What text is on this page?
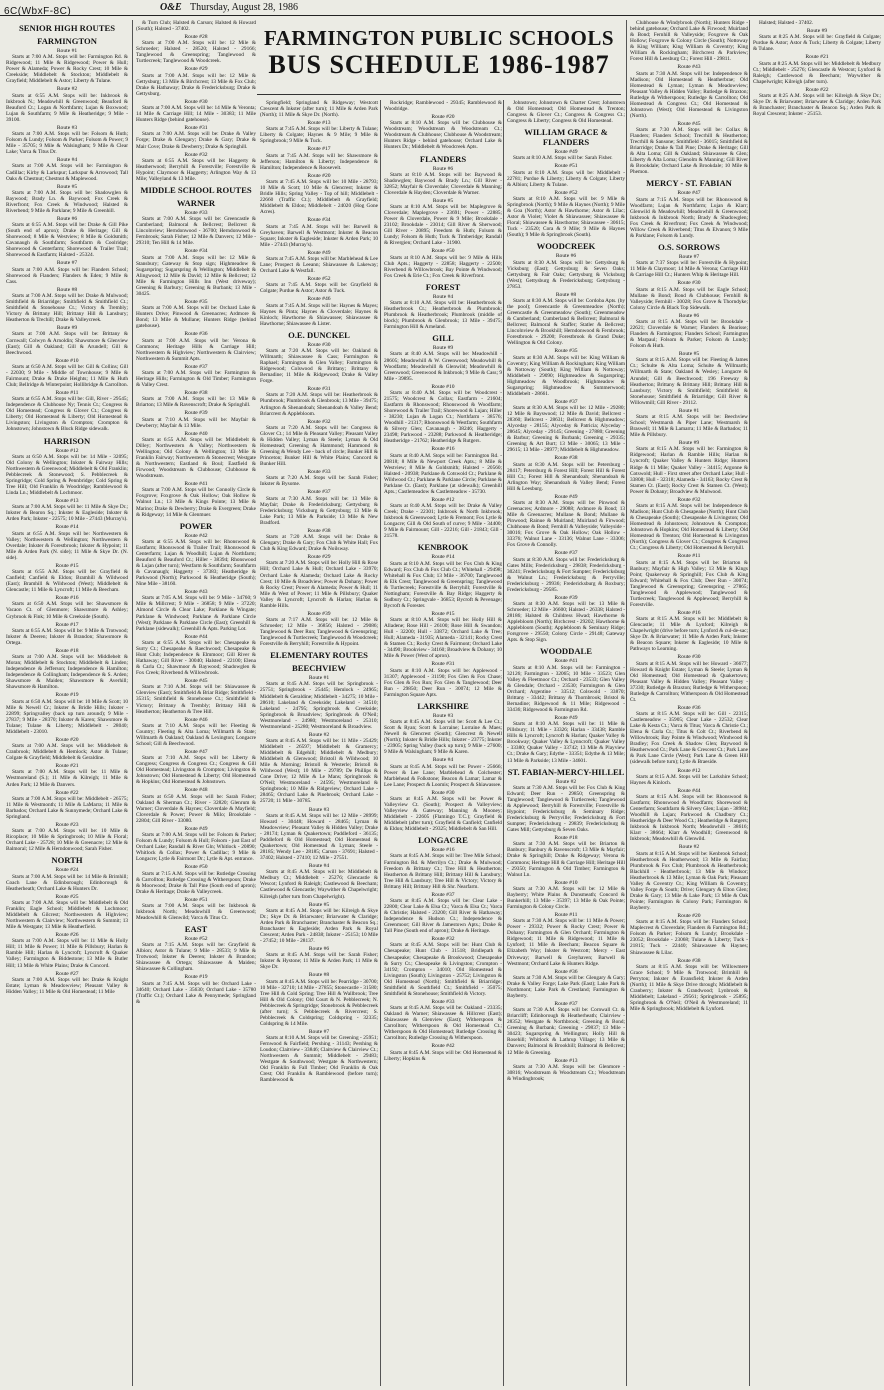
6C(WbxF-8C)	O&E Thursday, August 28, 1986
SENIOR HIGH ROUTES
FARMINGTON
Route #1
Starts at 7:00 A.M. Stops will be: Farmington Rd. & Ridgewood; 11 Mile & Ridgewood; Power & Hull; Power & Alameda; Power & Rocky Crest; 10 Mile & Creekside; Middlebelt & Stockton; Middlebelt & Grayfield; Middlebelt & Astor; Liberty & Tulane.
Route #2
Starts at 6:55 A.M. Stops will be: Inkbrook & Inkbrook N.; Meadowhill & Greenwood; Beauford & Beauford Ct.; Logan & Northfarm; Lujan & Boxwood; Lujan & Southfarm; 9 Mile & Heatheridge; 9 Mile - 39100.
Route #3
Starts at 7:00 A.M. Stops will be: Folsom & Huth; Folsom & Lundy; Folsom & Parker; Folsom & Power; 9 Mile - 35705; 9 Mile & Walsingham; 9 Mile & Clear Lake; Varca & Titus Dr.
Route #4
Starts at 7:00 A.M. Stops will be: Farmington & Cadillac; Kirby & Larkspur; Larkspur & Arrowood; Tall Oaks & Chestnut; Chestnut & Maplewood.
Route #5
Starts at 7:00 A.M. Stops will be: Shadowglen & Baywood; Brady Ln. & Baywood; Fox Creek & Riverfront; Fox Creek & Windwood; Halsted & Riverbend; 9 Mile & Parklane; 9 Mile & Greenhill.
Route #6
Starts at 6:55 A.M. Stops will be: Drake & Gill Pike (South end of apron); Drake & Heritage; Gill & Shorewood; 8 Mile & Westview; 8 Mile & Goldsmith; Cavanaugh & Southfarm; Southfarm & Coolridge; Shorewood & Centerfarm; Shorewood & Trailer Trail; Shorewood & Eastfarm; Halsted - 25324.
Route #7
Starts at 7:00 A.M. Stops will be: Flanders School; Shorewood & Flanders; Flanders & Eden; 9 Mile & Cass.
Route #8
Starts at 7:00 A.M. Stops will be: Drake & Mulwood; Smithfield & Briarridge; Smithfield & Smithfield Ct.; Smithfield & Stonehouse Ct.; Victory & Trembly; Victory & Brittany Hill; Brittany Hill & Lansbury; Heatherton & Trechill; Drake & Valleycreek.
Route #9
Starts at 7:00 A.M. Stops will be: Brittany & Cornwall; Colwyn & Arnoldin; Shawsmore & Glenview (East); Gill & Oakland; Gill & Arundell; Gill & Beechwood.
Route #10
Starts at 6:50 A.M. Stops will be: Gill & Collins; Gill - 22030; 9 Mile - Middle of Townhouse; 9 Mile & Fairmount; Drake & Drake Heights; 11 Mile & Huth Club; Bellridge & Winterpoint; Hollibridge & Carrollton.
Route #11
Starts at 6:55 A.M. Stops will be: Gill, River - 29545; Independence & Clubhouse Ny; Tennis Ct.; Congress & Old Homestead; Congress & Glover Ct.; Congress & Liberty; Old Homestead & Liberty; Old Homestead & Livingston; Livingston & Crompton; Crompton & Johnstown; Johnstown & Bluck Ridge sidewalk.
HARRISON
Route #12
Starts at 6:50 A.M. Stops will be: 14 Mile - 32095; Old Colony & Wellington; Inkster & Fairway Hills; Northwestern & Greenwood; Middlebelt & Old Franklin; Pebblecreek & Stonewood; S. Pebblecreek & Springridge; Cold Spring & Pennbridge; Cold Spring & Tree Hill; Old Franklin & Woodridge; Ramblewood & Linda Ln.; Middlebelt & Lochmoor.
Route #13
Starts at 7:00 A.M. Stops will be: 11 Mile & Skye Dr.; Inkster & Bearon Sq.; Inkster & Eagleside; Inkster & Arden Park; Inkster - 22575; 10 Mile - 27443 (Murray's).
Route #14
Starts at 6:55 A.M. Stops will be: Northwestern & Valley; Northwestern & Wellington; Northwestern & Overdale; Inkster & Forestbrook; Inkster & Hypoint; 11 Mile & Arden Park (N. side); 11 Mile & Skye Dr. (N. side).
Route #15
Starts at 6:55 A.M. Stops will be: Grayfield & Canfield; Canfield & Eldon; Bramhill & Wildwood (East); Bramhill & Wildwood (West); Middlebelt & Glencastle; 11 Mile & Lyncroft; 11 Mile & Beecham.
Route #16
Starts at 6:50 A.M. Stops will be: Shawsmore & Vacaon Ct. of Glenmore; Shawsmore & Ashley; Grybrook & Fink; 10 Mile & Creekside (South).
Route #17
Starts at 6:55 A.M. Stops will be: 9 Mile & Trotwood; Inkster & Deeren; Inkster & Brandon; Shawsmore & Ortega.
Route #18
Starts at 7:00 A.M. Stops will be: Middlebelt & Moran; Middlebelt & Stockton; Middlebelt & Linden; Independence & Jefferson; Independence & Hamilton; Independence & Collingham; Independence & S. Arden; Shawsmore & Maiden; Shawsmore & Averhill; Shawsmore & Hamilton.
Route #19
Starts at 6:50 A.M. Stops will be: 10 Mile & Scott; 10 Mile & Newell Cr.; Inkster & Bridle Hills; Inkster - 22899; Springvalley (back up turn around); 9 Mile - 27837; 9 Mile - 28370; Inkster & Karen; Shawsmore & Tulane; Tulane & Liberty; Middlebelt - 28040; Middlebelt - 23010.
Route #20
Starts at 7:00 A.M. Stops will be: Middlebelt & Cranbrook; Middlebelt & Hemlock; Astor & Tulane; Colgate & Grayfield; Middlebelt & Geraldine.
Route #21
Starts at 7:00 A.M. Stops will be: 11 Mile & Westmoreland (S.); 11 Mile & Kilreigh; 11 Mile & Arden Park; 12 Mile & Danvers.
Route #22
Starts at 7:00 A.M. Stops will be: Middlebelt - 26575; 11 Mile & Westmonth; 11 Mile & LaMarra; 11 Mile & Barbados; Orchard Lake & Sunnymede; Orchard Lake & Springland.
Route #23
Starts at 7:00 A.M. Stops will be: 10 Mile & Ricoplace; 10 Mile & Springbrook; 10 Mile & Floral; Orchard Lake - 25728; 10 Mile & Greenacre; 12 Mile & Balmoral; 12 Mile & Herndonwood; Sarah Fisher.
NORTH
Route #24
Starts at 7:00 A.M. Stops will be: 14 Mile & Brimhill; Coach Lane & Edinborough; Edinborough & Heatherheath; Orchard Lake & Hunters Dr.
Route #25
Starts at 7:00 A.M. Stops will be: Middlebelt & Old Franklin; Eagle School; Middlebelt & Lochmoor; Middlebelt & Gilcrest; Northwestern & Highview; Northwestern & Clairview; Northwestern & Summit; 13 Mile & Westgate; 13 Mile & Heatherfield.
Route #26
Starts at 7:00 A.M. Stops will be: 11 Mile & Holly Hill; 11 Mile & Power; 11 Mile & Pillsbury; Harlan & Ramble Hill; Harlan & Lyncroft; Lyncroft & Quaker Valley; Farmington & Biddestone; 13 Mile & Butler Hill; 13 Mile & White Plains; Drake & Concord.
Route #27
Starts at 7:00 A.M. Stops will be: Drake & Knight Estate; Lyman & Meadowview; Pleasant Valley & Hidden Valley; 11 Mile & Old Homestead; 11 Mile
& Turn Club; Halsted & Carson; Halsted & Howard (South); Halsted - 37402.
Route #28
Starts at 7:00 A.M. Stops will be: 12 Mile & Schroeder; Halsted - 28520; Halsted - 29166; Tanglewood & Greenspring; Tanglewood & Turtlecreek; Tanglewood & Woodcreek.
Route #29
Starts at 7:00 A.M. Stops will be: 12 Mile & Gettysburg; 13 Mile & Birchcrest; 13 Mile & Fox Club; Drake & Hathaway; Drake & Fredericksburg; Drake & Gettysburg.
Route #30
Starts at 7:00 A.M. Stops will be: 14 Mile & Veronta; 14 Mile & Carriage Hill; 14 Mile - 30383; 11 Mile Hunters Ridge (behind gatehouse).
Route #31
Starts at 7:00 A.M. Stops will be: Drake & Valley Forge; Drake & Glengary; Drake & Gary; Drake & Mair Cove; Drake & Dewberry; Drake & Springhill.
Route #32
Starts at 6:55 A.M. Stops will be: Haggerty & Heatherwood; Berryhill & Forestville; Forestville & Hypoint; Claymoor & Haggerty; Arlington Way & 13 Mile; Valleyland & 13 Mile.
MIDDLE SCHOOL ROUTES
WARNER
Route #33
Starts at 7:00 A.M. Stops will be: Greencastle & Cumberland; Balmoral & Bellcrest; Bellcrest & Lincolnview; Herndonwood - 36700; Herndonwood & Fernbrook; Sarah Fisher; 12 Mile & Danvers; 12 Mile - 29310; Ten Hill & 14 Mile.
Route #34
Starts at 7:00 A.M. Stops will be: 12 Mile & Stansbury; Gateway & Stop sign; Highmeadow & Sugarspring; Sugarspring & Wellington; Middlebelt & Alingwood; 12 Mile & David; 12 Mile & Bellcrest; 12 Mile & Farmington Hills Inn (West driveway); Greening & Barbury; Greening & Burbank; 13 Mile - 30425.
Route #35
Starts at 7:00 A.M. Stops will be: Orchard Lake & Hunters Drive; Pinwood & Greenacres; Ardmore & Bond; 13 Mile & Mullane; Hunters Ridge (behind gatehouse).
Route #36
Starts at 7:00 A.M. Stops will be: Verona & Commons; Heritage Hills & Carriage Hill; Northwestern & Highview; Northwestern & Clairview; Northwestern & Summit Apts.
Route #37
Starts at 7:00 A.M. Stops will be: Farmington & Heritage Hills; Farmington & Old Timber; Farmington & Valley Crest.
Route #38
Starts at 7:00 A.M. Stops will be: 13 Mile & Briarton; 13 Mile & Ravenscroft; Drake & Springhill.
Route #39
Starts at 7:10 A.M. Stops will be: Mayfair & Dewberry; Mayfair & 13 Mile.
Route #40
Starts at 6:55 A.M. Stops will be: Middlebelt & Dilley; Northwestern & Valley; Northwestern & Wellington; Old Colony & Wellington; 13 Mile & Franklin Fairway; Northwestern & Stonecrest; Westgate & Northwestern; Eastland & Boul; Eastfield & Firwood; Woodstream & Clubhouse; Clubhouse & Woodstream.
Route #41
Starts at 7:00 A.M. Stops will be: Connolly Circle & Foxgrove; Foxgrove & Oak Hollow; Oak Hollow & Walnut Ln.; 13 Mile & Kings Pointe; 13 Mile & Marino; Drake & Dewberry; Drake & Evergreen; Drake & Ridgeway; 14 Mile & Glenmuer.
POWER
Route #42
Starts at 6:55 A.M. Stops will be: Rhonswood & Eastfarm; Rhonswood & Trailer Trail; Rhonswood & Centerfarm; Lujan & Woodhill; Lujan & Northfarm; Beauford & Beauford Ct.; Hiller - 38394; Rhonswood & Lujan (after turn); Westfarm & Southfarm; Southfarm & Cavanaugh; Haggerty - 37383; Heatheridge & Parkwood (North); Parkwood & Heatheridge (South); Nine Mile - 38160.
Route #43
Starts at 7:05 A.M. Stops will be: 9 Mile - 34760; 9 Mile & Millcrest; 9 Mile - 36858; 9 Mile - 37220; Almond Circle & Clear Lake; Parklane & Wingate; Parklane & Windwood; Parklane & Parklane Circle (West); Parklane & Parklane Circle (East); Greenhill & Parklane (sidewalk); Greenhill & Apts. Parking Lot.
Route #44
Starts at 6:55 A.M. Stops will be: Chesapeake & Surry Ct.; Chesapeake & Raechwood; Chesapeake & Hunt Club; Independence & Elmmoor; Gill River & Hathaway; Gill River - 30040; Halsted - 22100; Elena & Carla Ct.; Shawmoor & Baywood; Shadowglen & Fox Creek; Riverbend & Willowbrook.
Route #45
Starts at 7:10 A.M. Stops will be: Shiawassee & Glenview (East); Smithfield & Briar Ridge; Smithfield - 35315; Smithfield & Stonehouse Ct.; Smithfield & Victory; Brittany & Trembly; Brittany Hill & Heatherton; Heatherton & Tree Hill.
Route #46
Starts at 7:10 A.M. Stops will be: Fleeting & Country; Fleeting & Alta Loma; Willmarth & State; Willmarth & Oakland; Oakland & Lexington; Longacre School; Gill & Beechwood.
Route #47
Starts at 7:10 A.M. Stops will be: Liberty & Congress; Congress & Congress Ct.; Congress & Gill Old Homestead; Livingston & Crompton; Livingston & Johnstown; Old Homestead & Liberty; Old Homestead & Hopkins; Old Homestead & Johnstown.
Route #48
Starts at 6:50 A.M. Stops will be: Sarah Fisher; Oakland & Sherman Ct.; River - 32820; Glenrum & Warner; Cloverdale & Haynes; Cloverdale & Mayfield; Cloverdale & Power; Power & Milo; Brookdale - 22804; Gill River - 33080.
Route #49
Starts at 7:00 A.M. Stops will be: Folsom & Parker; Folsom & Lundy; Folsom & Hull; Folsom - just East of Orchard Lake; Randall & River Gln; Whitlock - 20890; Whitlock & Collax; Power & Cadillac; 9 Mile & Longacre; Lytle & Fairmont Dr.; Lytle & Apt. entrance.
Route #50
Starts at 7:15 A.M. Stops will be: Rutledge Crossing & Carrollton; Rutledge Crossing & Witherspoon; Drake & Moorwood; Drake & Tall Pine (South end of apron); Drake & Heritage; Drake & Valleycreek.
Route #51
Starts at 7:00 A.M. Stops will be: Inkbrook & Inkbrook North; Meadowhill & Greenwood; Meadowhill & Glenwild; Varca & Titus Ct.
EAST
Route #52
Starts at 7:15 A.M. Stops will be: Grayfield & Albion; Astor & Tulane; 9 Mile - 28533; 9 Mile & Trotwood; Inkster & Deeren; Inkster & Brandon; Shiawassee & Ortega; Shiawassee & Maiden; Shiawassee & Collingham.
Route #19
Starts at 7:45 A.M. Stops will be: Orchard Lake - 34640; Orchard Lake - 35630; Orchard Lake - 35780 (Traffic Ct.); Orchard Lake & Pennymede; Springland &
FARMINGTON PUBLIC SCHOOLS
BUS SCHEDULE 1986-1987
Springfield; Springland & Ridgeway; Westcott Crescent & Inkster (after turn); 11 Mile & Arden Park (North); 11 Mile & Skye Dr. (North).
Route #13
Starts at 7:45 A.M. Stops will be: Liberty & Tulane; Liberty & Colgate; Haynes & 9 Mile; 9 Mile & Springbrook; 9 Mile & Tuck.
Route #17
Starts at 7:45 A.M. Stops will be: Shawsmore & Jefferson; Hamilton & Liberty; Independence & Hamilton; Independence & Roosevelt.
Route #20
Starts at 7:45 A.M. Stops will be: 10 Mile - 28793; 10 Mile & Scott; 10 Mile & Glencrest; Inkster & Bridle Hills; Spring Valley - Top of hill; Middlebelt - 22660 (Traffic Ct.); Middlebelt & Grayfield; Middlebelt & Eldon; Middlebelt - 24020 (Hog Gone Acres).
Route #34
Starts at 7:45 A.M. Stops will be: Barwell & Greyhaven; Barwell & Westmont; Inkster & Beacon Square; Inkster & Eagleside; Inkster & Arden Park; 10 Mile - 27443 (Murray's).
Route #49
Starts at 7:45 A.M. Stops will be: Marblehead & Lee Lane; Prospect & Leeann; Shiawassee & Lakeway; Orchard Lake & Westfall.
Route #52
Starts at 7:45 A.M. Stops will be: Grayfield & Colgate; Purdue & Astor; Astor & Tuck.
Route #46
Starts at 7:45 A.M. Stops will be: Haynes & Mayes; Haynes & Pinta; Haynes & Cloverdale; Haynes & Kinloch; Hawthorne & Shiawassee; Shiawassee & Hawthorne; Shiawassee & Lister.
O.E. DUNCKEL
Route #30
Starts at 7:20 A.M. Stops will be: Oakland & Willmarth; Shiawassee & Cass; Farmington & Raphael; Farmington & Glen Valley; Farmington & Ridgewood; Colswood & Brittany; Brittany & Bernadine; 11 Mile & Ridgewood; Drake & Valley Forge.
Route #31
Starts at 7:20 A.M. Stops will be: Heatherbrook & Plumbrook; Plumbrook & Glenbrook; 13 Mile - 39475; Arlington & Shenandoah; Shenandoah & Valley Bend; Briarcrest & Applebloom.
Route #32
Starts at 7:20 A.M. Stops will be: Congress & Glover Ct.; 14 Mile & Pleasant Valley; Pleasant Valley & Hidden Valley; Lyman & Steele; Lyman & Old Homestead; Greening & Hammond; Hammond & Greening & Wendy Lee - back of circle; Bunker Hill & Princeton; Bunker Hill & White Plains; Concord & Bunker Hill.
Route #33
Starts at 7:20 A.M. Stops will be: Sarah Fisher; Inkster & Bysome.
Route #37
Starts at 7:30 A.M. Stops will be: 13 Mile & Mayfair; Drake & Fredericksburg; Gettysburg & Fredericksburg; Vicksburg & Gettysburg; 13 Mile & Lake Park; 13 Mile & Parkside; 13 Mile & New Bradford.
Route #38
Starts at 7:20 A.M. Stops will be: Drake & Glengary; Drake & Gary; Fox Club & White Hall; Fox Club & King Edward; Drake & Noilsway.
Route #29
Starts at 7:20 A.M. Stops will be: Holly Hill & Rose Hill; Orchard Lake & Hull; Orchard Lake - 33970; Orchard Lake & Alameda; Orchard Lake & Rocky Crest; 10 Mile & Broadview; Power & Dohany; Power & Rocky Crest; Power & Alameda; Power & Hull; 11 Mile & West of Power; 11 Mile & Pillsbury; Quaker Valley & Lyncroft; Lyncroft & Harlan; Harlan & Ramble Hills.
Route #39
Starts at 7:17 A.M. Stops will be: 12 Mile & Schroeder; 12 Mile - 36856; Halsted - 29086; Tanglewood & Deer Run; Tanglewood & Greenspring; Tanglewood & Turtlecreek; Tanglewood & Woodcreek; Forestville & Berryhill; Forestville & Hypoint.
ELEMENTARY ROUTES
BEECHVIEW
Route #1
Starts at 8:45 A.M. Stops will be: Springbrook - 25751; Springbrook - 25445; Hemlock - 24965; Middlebelt & Geraldine; Middlebelt - 34275; 10 Mile - 28610; Lakeland & Creekside; Lakeland - 34510; Lakeland - 24795; Springbrook & Creekside; Springbrook & Broadview; Springbrook & O'Neil; Westmoreland - 24980; Westmoreland - 25310; Westmoreland - 25280; Westmoreland & Broadview.
Route #2
Starts at 8:45 A.M. Stops will be: 11 Mile - 25429; Middlebelt - 26597; Middlebelt & Gramercy; Middlebelt & Edgehill; Middlebelt & Medbury; Middlebelt & Glenwood; Bristoll & Wildwood; 10 Mile & Morning; Bristoll & Westerle; Bristoll & Wildwood (West); 10 Mile - 29789; De Phillips & Cone Drive; 12 Mile & Le Mans; Springbrook & O'Neil; Westmoreland - 24595; Westmoreland & Springbrook; 10 Mile & Ridgeview; Orchard Lake - 28465; Orchard Lake & Pinebrook; Orchard Lake - 25720; 11 Mile - 30785.
Route #3
Starts at 8:45 A.M. Stops will be: 12 Mile - 28999; Howard - 30448; Howard - 28465; Lyman & Meadowview; Pleasant Valley & Hidden Valley; Drake - 28174; Lyman & Quakertown; Paddleford - 36135; Paddleford & Old Homestead; Old Homestead & Quakertown; Old Homestead & Lyman; Steele - 28185; Wendy Lee - 28185; Carson - 37691; Halsted - 37402; Halsted - 27410; 12 Mile - 27551.
Route #4
Starts at 8:45 A.M. Stops will be: Middlebelt & Medbury Ct.; Middlebelt - 25276; Glencastle & Wescot; Lynford & Raleigh; Castlewood & Beecham; Castlewood & Glencastle; Waywither & Chapelwright; Kilreigh (after turn from Chapelwright).
Route #5
Starts at 8:45 A.M. Stops will be: Kilreigh & Skye Dr.; Skye Dr. & Briarwater; Briarwater & Claridge; Arden Park & Branchaster; Branchaster & Beacon Sq.; Branchaster & Eagleside; Arden Park & Royal Crescent; Arden Park - 24838; Inkster - 25153; 10 Mile - 27452; 10 Mile - 28137.
Route #6
Starts at 8:45 A.M. Stops will be: Sarah Fisher; Inkster & Hystone; 11 Mile & Arden Park; 11 Mile & Skye Dr.
Route #8
Starts at 8:45 A.M. Stops will be: Pearridge - 30700; 10 Mile - 32710; 14 Mile - 27855; Stonecastle - 31580; Tree Hill & Cold Spring; Tree Hill & Wallbrook; Tree Hill & Old Colony; Old Court & N. Pebblecreek; N. Pebblecreek & Springridge; Stonebrook & Pebblecreek (after turn); S. Pebblecreek & Rivercrest; S. Pebblecreek & Coldspring; Coldspring - 32335; Coldspring & 14 Mile.
Route #7
Starts at 8:10 A.M. Stops will be: Greening - 25951; Fernwood & Fairfield; Pershing - 31143; Pershing & Loudon; Claitview - 33846; Claitview & Clairview Ct.; Northwestern & Summit; Middlebelt - 29483; Westgate & Southwood; Westgate & Northwestern; Old Franklin & Fall Timber; Old Franklin & Oak Crest; Old Franklin & Ramblewood (before turn); Ramblewood &
Rockridge; Ramblewood - 29345; Ramblewood & Woodridge.
Route #20
Starts at 8:10 A.M. Stops will be: Clubhouse & Woodstream; Woodstream & Woodstream Ct.; Woodstream & Clubhouse; Clubhouse & Woodstream; Hunters Ridge - behind gatehouse; Orchard Lake & Hunters Dr.; Middlebelt & Woodcreek Apts.
FLANDERS
Route #6
Starts at 8:10 A.M. Stops will be: Baywood & Shadowglen; Baywood & Brady Ln.; Gill River - 32852; Mayfair & Cloverdale; Cloverdale & Manning; Cloverdale & Hayden; Cloverdale & Warner.
Route #5
Starts at 8:10 A.M. Stops will be: Maplegrove & Cloverdale; Maplegrove - 23691; Power - 22885; Power & Cloverdale, Power & 9 Mile; Brookdale - 23102; Brookdale - 23014; Gill River & Sherwood; Gill River - 20895; Freedom & Huth; Folsom & Lundy; Folsom & Huth; Tuck & Timberidge; Randall & Rivergien; Orchard Lake - 31900.
Route #50
Starts at 8:10 A.M. Stops will be: 9 Mile & Hills Club Apts.; Haggerty - 22858; Haggerty - 22500; Riverbend & Willowbrook; Bay Pointe & Windwood; Fox Creek & Erie Ct.; Fox Creek & Riverfront.
FOREST
Route #4
Starts at 8:10 A.M. Stops will be: Heatherbrook & Heatherbrook Ct.; Heatherbrook & Plumbrook; Plumbrook & Heatherbrook; Plumbrook (middle of block); Plumbrook & Glenbrook; 13 Mile - 39475; Farmington Hill & Arneland.
GILL
Route #9
Starts at 8:40 A.M. Stops will be: Meadowhill - 28605; Meadowhill & W. Greenwood; Meadowhill & Woodfarm; Meadowhill & Glenwild; Meadowhill & Greenwood; Greenwood & Inkbrook; 9 Mile & Cass; 9 Mile - 39895.
Route #10
Starts at 8:40 A.M. Stops will be: Woodcrest - 21575; Woodcrest & Collax; Eastfarm - 21604; Eastfarm & Rhonswood; Rhonswood & Woodfarm; Shorewood & Trailer Trail; Shorewood & Lujan; Hiller - 38230; Lujan & Logan Ct.; Northfarm - 38576; Woodhill - 21317; Rhonswood & Westfarm; Southfarm & Silvery Glen; Cavanaugh - 38246; Haggerty - 23498; Parkwood - 23288; Parkwood & Heatheridge; Heatheridge - 21762; Heatheridge & Rutgers.
Route #16
Starts at 8:40 A.M. Stops will be: Farmington Rd. - 20818; 8 Mile & Newport Creek Apts.; 8 Mile & Westview; 8 Mile & Goldsmith; Halsted - 20560; Halsted - 20938; Parklane & Cotswold Ct.; Parklane & Wildwood Ct.; Parklane & Parklane Circle; Parklane & Parklane Ct. (East); Parklane (at sidewalk); Greenhill Apts.; Castlemeadow & Castlemeadow - 35730.
Route #12
Starts at 8:40 A.M. Stops will be: Drake & Valley Creek; Drake - 22301; Inkbrook & North Inkbrook; Inkbrook & Greenwood; Lytle & Fremont; Fox Lytle & Longacre; Gill & Old South of curve; 9 Mile - 34400; 9 Mile & Fairmount; Gill - 22216; Gill - 21843; Gill - 21578.
KENBROOK
Route #14
Starts at 8:10 A.M. Stops will be: Fox Club & King Edward; Fox Club & Fox Club Ct.; Whitehall - 29498; Whitehall & Fox Club; 13 Mile - 36700; Tanglewood & Elk Crest; Tanglewood & Greenspring; Tanglewood & Turtlecreek; Forestville & Berryhill; Forestville & Nottingham; Forestville & Bay Ridge; Haggerty & Sudbury Ct.; Springvale - 36853; Bycroft & Pevenage; Bycroft & Forester.
Route #15
Starts at 8:10 A.M. Stops will be: Holly Hill & Alladene; Rose Hill - 26100; Rose Hill & Swandon; Hull - 32200; Hull - 33872; Orchard Lake & Tree; Hull; Alameda - 31935; Alameda - 32141; Rocky Crest & Stamen Ct.; Rocky Crest & Fairmont; Orchard Lake - 34490; Brookview - 34160; Broadview & Dohany; 10 Mile & Power (West of apron).
Route #31
Starts at 8:10 A.M. Stops will be: Applewood - 31307; Applewood - 31190; Fox Glen & Fox Chase; Fox Glen & Fox Run; Fox Glen & Tanglewood; Deer Run - 29850; Deer Run - 30074; 12 Mile & Farmington Square Apts.
LARKSHIRE
Route #3
Starts at 8:45 A.M. Stops will be: Scott & Lee Ct.; Scott & Ryan; Scott & Lorraine; Lorraine & Maes; Newell & Glencrest (South); Glencrest & Newell (North); Inkster & Bridle Hills; Inkster - 23775; Inkster - 23905; Spring Valley (back up turn); 9 Mile - 27600; 9 Mile & Walsingham; 9 Mile & Karen.
Route #4
Starts at 8:45 A.M. Stops will be: Power - 25666; Power & Lee Lane; Marblehead & Colchester; Marblehead & Folkstone; Beacon & Lamar; Lamar & Lee Lane; Prospect & Loomis; Prospect & Shiawassee.
Route #30
Starts at 8:45 A.M. Stops will be: Power & Valleyview Ct. (South); Prospect & Valleyview; Valleyview & Gateway; Manning & Mooney; Middlebelt - 22605 (Flamingo T.C.); Grayfield & Middlebelt (after turn); Grayfield & Canfield; Canfield & Eldon; Middlebelt - 29325; Middlebelt & San Hill.
LONGACRE
Route #16
Starts at 8:45 A.M. Stops will be: Tree Mile School; Farmington Rd. & Merrilyn Ct.; Drake & Mulwood; Freedom & Brittany Ct.; Tree Hill & Heatherton; Heatherton & Brittany Hill; Brittany Hill & Lansbury; Tree Hill & Lansbury; Tree Hill & Victory; Victory & Brittany Hill; Brittany Hill & Shr. Nearfarm.
Route #37
Starts at 8:45 A.M. Stops will be: Clear Lake - 22800; Clear Lake & Elsa Ct.; Varca & Elsa Ct.; Varca & Christie; Halsted - 23200; Gill River & Hathaway; Independence & Hudson Ct.; Independence & Greenmoor; Gill River & Jamestown Apts.; Drake & Tall Pine (South end of apron); Drake & Heritage.
Route #32
Starts at 8:45 A.M. Stops will be: Hunt Club & Chesapeake; Hunt Club - 31518; Bridlepath & Chesapeake; Chesapeake & Brookwood; Chesapeake & Surry Ct.; Chesapeake & Livingston; Crompton - 34192; Crompton - 34010; Old Homestead & Livingston (South); Livingston - 25752; Livingston & Old Homestead (North); Smithfield & Briarridge; Smithfield & Southfield Ct.; Smithfield - 35075; Smithfield & Stonehouse; Smithfield & Victory.
Route #33
Starts at 8:45 A.M. Stops will be: Oakland - 23335; Oakland & Warner; Shiawassee & Hillcrest (East); Shiawassee & Glenview (East); Witherspoon & Carrollton; Witherspoon & Old Homestead Ct.; Witherspoon & Old Homestead; Rutledge Crossing & Carrollton; Rutledge Crossing & Witherspoon.
Route #42
Starts at 8:45 A.M. Stops will be: Old Homestead & Liberty; Hopkins &
Johnstown; Johnstown & Charter Crest; Johnstown & Old Homestead; Old Homestead & Trenton; Congress & Glover Ct.; Congress & Congress Ct.; Congress & Liberty; Congress & Old Homestead.
WILLIAM GRACE & FLANDERS
Route #49
Starts at 8:10 A.M. Stops will be: Sarah Fisher.
Route #51
Starts at 8:10 A.M. Stops will be: Middlebelt - 22781; Purdue & Liberty; Liberty & Colgate; Liberty & Albion; Liberty & Tulane.
Route #52
Starts at 8:10 A.M. Stops will be: 9 Mile & Springbrook (North); 9 Mile & Haynes (North); 9 Mile & Goa (North); Astor & Hawthorne; Astor & Lilac; Astor & Violet; Violet & Shiawassee; Shiawassee & Floral; Shiawassee & Hawthorne; Shiawassee - 30615; Tuck - 23520; Cora & 9 Mile; 9 Mile & Haynes (South); 9 Mile & Springbrook (South).
WOODCREEK
Route #6
Starts at 8:30 A.M. Stops will be: Gettysburg & Vicksburg (East); Gettysburg & Seven Oaks; Gettysburg & Fair Oaks; Gettysburg & Vicksburg (West); Gettysburg & Fredericksburg; Gettysburg - 27853.
Route #8
Starts at 8:30 A.M. Stops will be: Cordoba Apts. (by the pool); Greencastle & Greenmeadow (North); Greencastle & Greenmeadow (South); Greenmeadow & Cumberland; Cumberland & Bellcrest; Balmoral & Bellcrest; Balmoral & Staffer; Statler & Bellcrest; Lincolnview & Brookhill; Herndonwood & Fernbrook; Forestbrook - 29200; Forestbrook & Grand Duke; Wellington & Old Colony.
Route #35
Starts at 8:30 A.M. Stops will be: King William & Coventry; King William & Rockingham; King William & Nottoway (South); King William & Nottoway; Middlebelt - 29090; Highmeadow & Sugarspring; Highmeadow & Woodbrook; Highmeadow & Sugarspring; Highmeadow & Summerwood; Middlebelt - 28661.
Route #37
Starts at 8:30 A.M. Stops will be: 12 Mile - 29280; 12 Mile & Bayswood; 12 Mile & David; Bellcrest - 28360; Bellcrest - 28631; Bellcrest & Highmeadow; Alyceday - 28155; Alyceday & Patricia; Alyceday - 28645; Alyceday - 29145; Greening - 27880; Greening & Barbur; Greening & Burbank; Greening - 29335; Greening & Art Burt; 13 Mile - 30065; 13 Mile - 29615; 13 Mile - 28977; Middlebelt & Highmeadow.
Route #38
Starts at 8:30 A.M. Stops will be: Petersburg - 28417; Petersburg & Forest Hill; Forest Hill & Forest Hill Ct.; Forest Hill & Shenandoah; Shenandoah & Arlington Way; Shenandoah & Valley Bend; Forest Hill & Leesburg.
Route #49
Starts at 8:30 A.M. Stops will be: Pinwood & Greenacres; Ardmore - 29088; Ardmore & Bond; 13 Mile & Greenacres; Mullane & Bond; Mullane & Pinwood; Rainue & Muirland; Muirland & Firwood; Clubhouse & Bond; Fernhill & Valleyside; Valleyside - 30016; Fox Grove & Oak Hollow; Oak Hollow - 33376; Walnut Lane - 33136; Walnut Lane - 33306; Fox Grove & Connolly.
Route #37
Starts at 8:30 A.M. Stops will be: Fredericksburg & Gates Mills; Fredericksburg - 29838; Fredericksburg - 30241; Fredericksburg & Fort Sumpter; Fredericksburg & Walnut Ln.; Fredericksburg & Perryville; Fredericksburg - 29936; Fredericksburg & Roxbury; Fredericksburg - 29585.
Route #39
Starts at 8:30 A.M. Stops will be: 13 Mile & Schroeder; 12 Mile - 36600; Halsted - 26338; Halsted - 28186; Halsted & Childress Hwad; Hawthorne & Applebloom (North); Birchcrest - 29202; Hawthorne & Applebloom (South); Applebloom & Seminary Ridge; Forsgrove - 29550; Colony Circle - 29148; Gateway Apts. & Stop Sign.
WOODDALE
Route #41
Starts at 8:10 A.M. Stops will be: Farmington - 32126; Farmington - 32065; 10 Mile - 33523; Glen Valley & Fleetmoor Ct.; Orchard - 23533; Glen Valley & Glendale; Orchard - 23530; Farmington & Glen Orchard; Argentine - 33512; Colswold - 33870; Brittany - 33442; Brittany & Thornbrook; Bristol & Bernadine; Ridgewood & 11 Mile; Ridgewood - 33436; Ridgewood & Farmington Rd.
Route #49
Starts at 8:10 A.M. Stops will be: 11 Mile & Pillsbury; 11 Mile - 33326; Harlan - 33438; Ramble Hills & Lyncroft; Lyncroft & Harlan; Quaker Valley & Brookway; Quaker Valley & Lynncroft; Quaker Valley - 33380; Quaker Valley - 33742; 13 Mile & Playview Ct.; Drake & Gary; Edythe - 33351; Edythe & 13 Mile; 13 Mile & Parkside; 13 Mile - 34601.
ST. FABIAN-MERCY-HILLEL
Route #2
Starts at 7:30 A.M. Stops will be: Fox Club & King Edward; Deer Run - 29850; Greenspring & Tanglewood; Tanglewood & Turtlecreek; Tanglewood & Applewood; Berryhill & Forestville; Forestville & Hypoint; Fredericksburg & Seminary Ridge; Fredericksburg & Perryville; Fredericksburg & Fort Sumpter; Fredericksburg - 29839; Fredericksburg & Gates Mill; Gettysburg & Seven Oaks.
Route #18
Starts at 7:30 A.M. Stops will be: Briarton & Banbury; Banbury & Ravenscroft; 13 Mile & Mayfair; Drake & Springhill; Drake & Ridgeway; Verona & Commons; Heritage Hill & Carriage Hill; Heritage Hill - 29350; Farmington & Old Timber; Farmington & Walnut Ln.
Route #10
Starts at 7:30 A.M. Stops will be: 12 Mile & Bayberry; White Plains & Dunsmeath; Concord & Bunkerhill; 13 Mile - 35397; 13 Mile & Oak Pointe; Farmington & Colony Circle.
Route #11
Starts at 7:30 A.M. Stops will be: 11 Mile & Power; Power - 29332; Power & Rocky Crest; Power & Dohany; Farmington & Glen Orchard; Farmington & Ridgewood; 11 Mile & Ridgewood; 11 Mile & Lynford; 11 Mile & Beecham; Beacon Square & Elizabeth Way; Inkster & Westcott; Mercy - East Driveway; Barwell & Greyhaven; Barwell & Westmont; Orchard Lake & Hunters Ridge.
Route #36
Starts at 7:30 A.M. Stops will be: Glengary & Gary; Drake & Valley Forge; Lake Park (East); Lake Park & Northmont; Lake Park & Crestland; Farmington & Bayberry.
Route #37
Starts at 7:30 A.M. Stops will be: Cornwall Ct. & Briarcliff; Edinborough & Heatherheath; Clairview - 28352; Westgate & Northbrook; Greening & Bond; Greening & Burbank; Greening - 29837; 13 Mile - 30423; Sugarspring & Wellington; Holly Hill & Rosehill; Whitlock & Lathrup Village; 13 Mile & Danvers; Balmoral & Brookhill; Balmoral & Bellcrest; 12 Mile & Greening.
Route #13
Starts at 7:30 A.M. Stops will be: Glenmore - 30816; Woodstream & Woodstream Ct.; Woodstream & Windingbrook;
Clubhouse & Windybrook (North); Hunters Ridge - behind gatehouse; Orchard Lake & Firwood; Muirland & Bond; Fernhill & Valleyside; Foxgrove & Oak Hollow; Foxgrove & Colony Circle (South); Nottoway & King William; King William & Coventry; King William & Rockingham; Birchcrest & Parkview; Forest Hill & Leesburg Ct.; Forest Hill - 29811.
Route #43
Starts at 7:30 A.M. Stops will be: Independence & Madison; Old Homestead & Heatherbrae; Old Homestead & Lyman; Lyman & Meadowview; Pleasant Valley & Hidden Valley; Rutledge & Braxton; Rutledge & Witherspoon; Rutledge & Carrollton; Old Homestead & Congress Ct.; Old Homestead & Johnstown (West); Old Homestead & Livingston (North).
Route #45
Starts at 7:30 A.M. Stops will be: Collax & Flanders; Flanders School; Trecrhill & Heatherton; Trecrhill & Sansone; Smithfield - 36015; Smithfield & Briarridge; Drake & Tall Pine; Drake & Heritage; Gill & Alta Loma; Gill & Oakland; Shiawassee & Glen; Liberty & Alta Loma; Glenolm & Manning; Gill River & Brookdale; Orchard Lake & Brookdale; 10 Mile & Phemon.
MERCY - ST. FABIAN
Route #47
Starts at 7:15 A.M. Stops will be: Rhonswood & Woodfarm; Lujan & Northfarm; Lujan & Klarr; Glenwild & Meadowhill; Meadowhill & Greenwood; Inkbrook & Inkbrook North; Brady & Shadowglen; Fox Creek & Riverfront; Fox Creek & Windwood; Willow Creek & Riverbend; Titus & Elvanon; 9 Mile & Parklane; Folsom & Lundy.
O.S. SORROWS
Route #7
Starts at 7:37 Stops will be: Forestville & Hypoint; 11 Mile & Claymoor; 14 Mile & Verona; Carriage Hill & Carriage Hill Ct.; Hunters Whip & Heritage Hill.
Route #30
Starts at 8:15 A.M. Stops will be: Eagle School; Mullane & Bond; Bond & Clubhouse; Fernhill & Valleyside; Fernhill - 30028; Fox Grove & Thorndyke; Colony Circle & Black Top Sidewalk.
Route #6
Starts at 8:15 A.M. Stops will be: Brookdale - 22621; Cloverdale & Warner; Flanders & Bearisse; Flanders & Farmington; Flanders School; Farmington & Marpaul; Folsom & Parker; Folsom & Lundy; Folsom & Huth.
Route #5
Starts at 8:15 A.M. Stops will be: Fleeting & James Ct.; Schulte & Alta Loma; Schulte & Willmarth; Willmarth & State; Oakland & Wesley; Longacre & Arundel; Gill & Beechwood; 196 Freeway & Heatherton; Brittany & Brittany Hill; Brittany Hill & Lansbury; Victory & Smithfield; Smithfield & Stonehouse; Smithfield & Briarridge; Gill River & Willowmill; Gill River - 29112.
Route #1
Starts at 8:15 A.M. Stops will be: Beechview School; Westmarsh & Piper Lane; Westmarsh & Braswell; 11 Mile & Lamarra; 11 Mile & Barbados; 11 Mile & Pillsbury.
Route #9
Starts at 8:15 A.M. Stops will be: Farmington & Ridgewood; Harlan & Ramble Hills; Harlan & Lyncroft; Quaker Valley & Hunters Ridge; Hunters Ridge & 11 Mile; Quaker Valley - 34415; Argonne & Cotswold; Hull - First street after Orchard Lake; Hull - 33808; Hull - 32318; Alameda - 34163; Rocky Crest & Stamen Ct. (East); Rocky Crest & Stamen Ct. (West); Power & Dohany; Broadview & Mulwood.
Route #32
Starts at 8:15 A.M. Stops will be: Independence & Madison; Hunt Club & Chesapeake (North); Hunt Club & Chesapeake (South); Chesapeake & Livingston; Old Homestead & Johnstown; Johnstown & Crompton; Johnstown & Hopkins; Old Homestead & Liberty; Old Homestead & Trenton; Old Homestead & Livingston (North); Congress & Glover Ct.; Congress & Congress Ct.; Congress & Liberty; Old Homestead & Berryhill.
Route #11
Starts at 8:15 A.M. Stops will be: Briarton & Banbury; Mayfair & High Valley; 13 Mile & Kings Point; Quakerway & Springhill; Fox Club & King Edward; Whitehall & Fox Club; Deer Run - 30074; Tanglewood & Greenspring; Greenspring - 27865; Tanglewood & Applewood; Tanglewood & Turtlecreek; Tanglewood & Applewood; Berryhill & Forestville.
Route #16
Starts at 8:15 A.M. Stops will be: Middlebelt & Glencastle; 11 Mile & Lynford; Kilreigh & Chapelwright (drive before turn; Lynford & cul-de-sac; Skye Dr. & Briarwater; 11 Mile & Arden Park; Inkster & Beacon Square; Inkster & Eagleside; 10 Mile & Pathways to Learning.
Route #30
Starts at 8:15 A.M. Stops will be: Howard - 36677; Howard & Knight Estate; Lyman & Steele; Lyman & Old Homestead; Old Homestead & Quakertown; Pleasant Valley & Hidden Valley; Pleasant Valley - 37330; Rutledge & Braxton; Rutledge & Witherspoon; Rutledge & Carrollton; Witherspoon & Old Homestead Ct.
Route #36
Starts at 8:15 A.M. Stops will be: Gill - 22315; Castlemeadow - 35905; Clear Lake - 22532; Clear Lake & Kesta Ct.; Varca & Titus; Varca & Christie Ct.; Elena & Carla Ct.; Titus & Colt Ct.; Riverbend & Willowbrook; Bay Pointe & Windwood; Windwood & Bradley; Fox Creek & Shadow Glen; Baywood & Heatherwood Ct.; Park Lane & Crescent Ct.; Park Lane & Park Lane Circle (West); Park Lane & Green Hill (sidewalk before turn); Lytle & Braeside.
Route #12
Starts at 8:15 A.M. Stops will be: Larkshire School; Haynes & Kinloch.
Route #44
Starts at 8:15 A.M. Stops will be: Rhonswood & Eastfarm; Rhonswood & Woodfarm; Shorewood & Centerfarm; Southfarm & Silvery Glen; Lujan - 38984; Woodhill & Lujan; Parkwood & Chadbury Ct.; Heatheridge & Deer Wood Ct.; Heatheridge & Rutgers; Inkbrook & Inkbrook North; Meadowhill - 38616; Klarr - 38664; Klarr & Woodhill; Greenwood & Inkbrook; Meadowhill & Glenwild.
Route #2
Starts at 8:15 A.M. Stops will be: Kenbrook School; Heatherbrook & Heatherwood; 13 Mile & Fairfax; Plumbrook & Fox Club; Plumbrook & Heatherbrook; Blackhill - Heatherbrook; 13 Mile & Windsor; Heatherbrook & 13 Mile; Lyman & Oak Park; Pleasant Valley & Coventry Ct.; King William & Coventry; Valley Forge & South; Drive; Glengary & Elton Glen; Drake & Gary; 13 Mile & Lake Park; 13 Mile & Oak Pointe; Farmington & Colony Park; Farmington & Bayberry.
Route #20
Starts at 8:15 A.M. Stops will be: Flanders School; Maplecrest & Cloverdale; Flanders & Farmington Rd.; Folsom & Parker; Folsom & Lundy; Brookdale - 23052; Brookdale - 23068; Tulane & Liberty; Tuck - 21815; Tuck - 22440; Shiawassee & Haynes; Shiawassee & Lilac.
Route #38
Starts at 8:15 A.M. Stops will be: Willowmere Grace School; 9 Mile & Trotwood; Brimhill & Perryton; Inkster & Evansfield; Inkster & Arden (North); 11 Mile & Skye Drive through; Middlebelt & Cranberry; Inkster & Grandwood; Lynbrook & Middlebelt; Lakeland - 29561; Springbrook - 25895; Springbrook & O'Neil; O'Neil & Westmoreland; 11 Mile & Springbrook; Middlebelt & Lynford.
Halsted; Halsted - 37402.
Route #9
Starts at 8:25 A.M. Stops will be: Grayfield & Colgate; Purdue & Astor; Astor & Tuck; Liberty & Colgate; Liberty & Tulane.
Route #21
Starts at 8:25 A.M. Stops will be: Middlebelt & Medbury Ct.; Middlebelt - 25276; Glencastle & Westcot; Lynford & Raleigh; Castlewood & Beecham; Waywither & Chapelwright; Kilreigh (after turn).
Route #22
Starts at 8:25 A.M. Stops will be: Kilreigh & Skye Dr.; Skye Dr. & Briarwater; Briarwater & Claridge; Arden Park & Branchaster; Branchaster & Beacon Sq.; Arden Park & Royal Crescent; Inkster - 25153.
